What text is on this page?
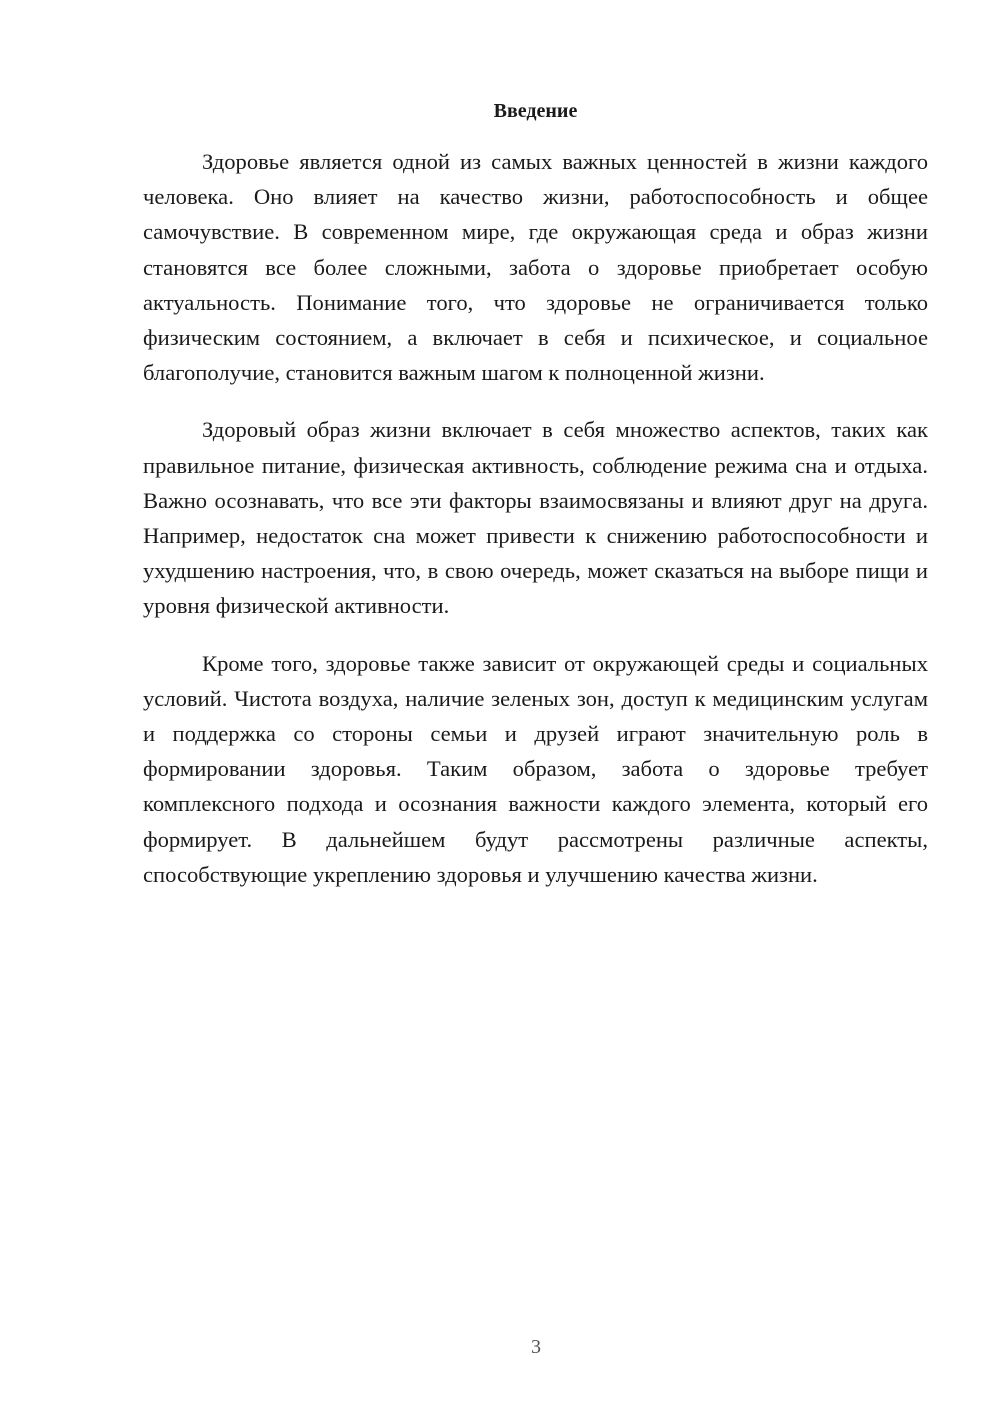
Введение

Здоровье является одной из самых важных ценностей в жизни каждого человека. Оно влияет на качество жизни, работоспособность и общее самочувствие. В современном мире, где окружающая среда и образ жизни становятся все более сложными, забота о здоровье приобретает особую актуальность. Понимание того, что здоровье не ограничивается только физическим состоянием, а включает в себя и психическое, и социальное благополучие, становится важным шагом к полноценной жизни.

Здоровый образ жизни включает в себя множество аспектов, таких как правильное питание, физическая активность, соблюдение режима сна и отдыха. Важно осознавать, что все эти факторы взаимосвязаны и влияют друг на друга. Например, недостаток сна может привести к снижению работоспособности и ухудшению настроения, что, в свою очередь, может сказаться на выборе пищи и уровня физической активности.

Кроме того, здоровье также зависит от окружающей среды и социальных условий. Чистота воздуха, наличие зеленых зон, доступ к медицинским услугам и поддержка со стороны семьи и друзей играют значительную роль в формировании здоровья. Таким образом, забота о здоровье требует комплексного подхода и осознания важности каждого элемента, который его формирует. В дальнейшем будут рассмотрены различные аспекты, способствующие укреплению здоровья и улучшению качества жизни.

3
